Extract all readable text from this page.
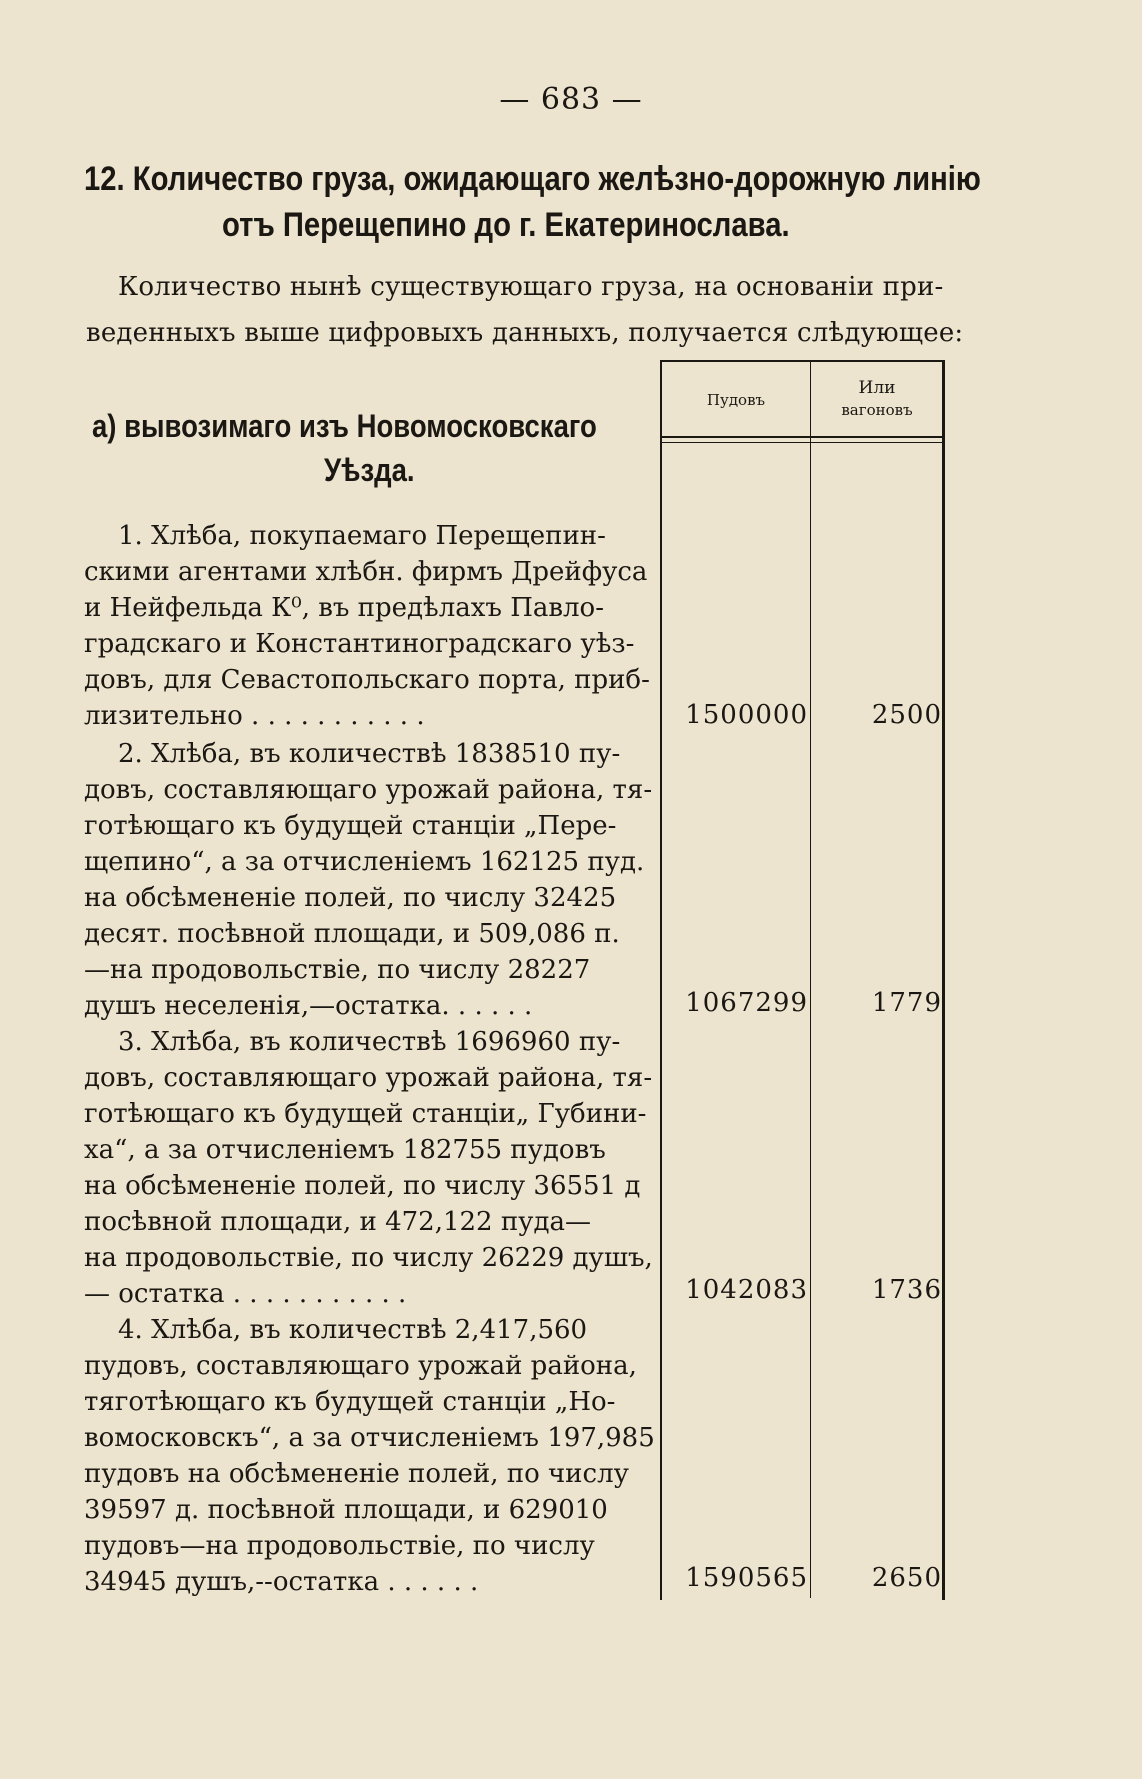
— 683 —
12. Количество груза, ожидающаго желѣзно-дорожную линію
отъ Перещепино до г. Екатеринослава.
Количество нынѣ существующаго груза, на основаніи при-
веденныхъ выше цифровыхъ данныхъ, получается слѣдующее:
Пудовъ
Или
вагоновъ
а) вывозимаго изъ Новомосковскаго
Уѣзда.
1. Хлѣба, покупаемаго Перещепин-
скими агентами хлѣбн. фирмъ Дрейфуса
и Нейфельда К⁰, въ предѣлахъ Павло-
градскаго и Константиноградскаго уѣз-
довъ, для Севастопольскаго порта, приб-
лизительно . . . . . . . . . . .	1500000	2500
2. Хлѣба, въ количествѣ 1838510 пу-
довъ, составляющаго урожай района, тя-
готѣющаго къ будущей станціи „Пере-
щепино“, а за отчисленіемъ 162125 пуд.
на обсѣмененіе полей, по числу 32425
десят. посѣвной площади, и 509,086 п.
—на продовольствіе, по числу 28227
душъ неселенія,—остатка. . . . . .	1067299	1779
3. Хлѣба, въ количествѣ 1696960 пу-
довъ, составляющаго урожай района, тя-
готѣющаго къ будущей станціи„ Губини-
ха“, а за отчисленіемъ 182755 пудовъ
на обсѣмененіе полей, по числу 36551 д
посѣвной площади, и 472,122 пуда—
на продовольствіе, по числу 26229 душъ,
— остатка . . . . . . . . . . .	1042083	1736
4. Хлѣба, въ количествѣ 2,417,560
пудовъ, составляющаго урожай района,
тяготѣющаго къ будущей станціи „Но-
вомосковскъ“, а за отчисленіемъ 197,985
пудовъ на обсѣмененіе полей, по числу
39597 д. посѣвной площади, и 629010
пудовъ—на продовольствіе, по числу
34945 душъ,--остатка . . . . . .	1590565	2650
